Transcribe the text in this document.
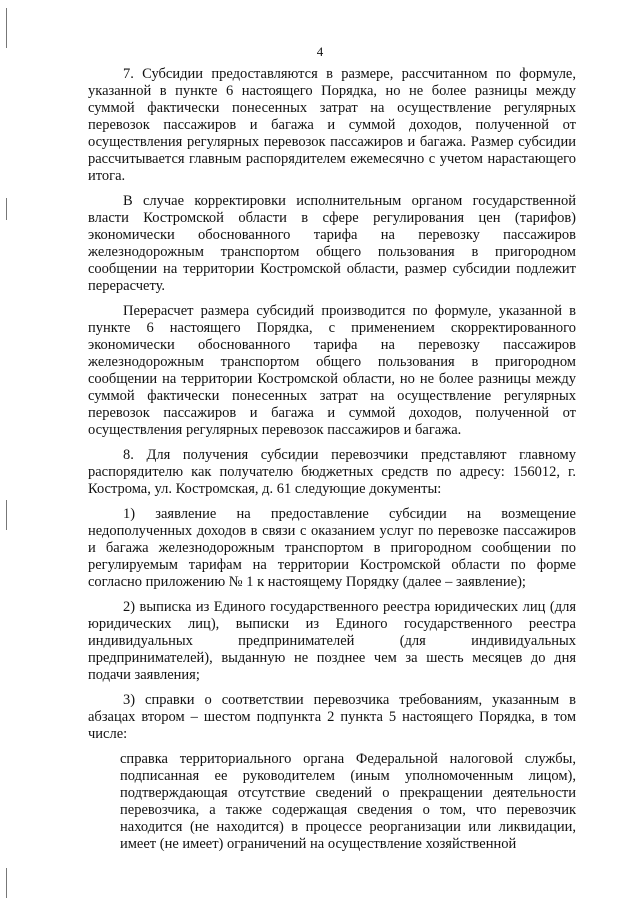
4

7. Субсидии предоставляются в размере, рассчитанном по формуле, указанной в пункте 6 настоящего Порядка, но не более разницы между суммой фактически понесенных затрат на осуществление регулярных перевозок пассажиров и багажа и суммой доходов, полученной от осуществления регулярных перевозок пассажиров и багажа. Размер субсидии рассчитывается главным распорядителем ежемесячно с учетом нарастающего итога.

В случае корректировки исполнительным органом государственной власти Костромской области в сфере регулирования цен (тарифов) экономически обоснованного тарифа на перевозку пассажиров железнодорожным транспортом общего пользования в пригородном сообщении на территории Костромской области, размер субсидии подлежит перерасчету.

Перерасчет размера субсидий производится по формуле, указанной в пункте 6 настоящего Порядка, с применением скорректированного экономически обоснованного тарифа на перевозку пассажиров железнодорожным транспортом общего пользования в пригородном сообщении на территории Костромской области, но не более разницы между суммой фактически понесенных затрат на осуществление регулярных перевозок пассажиров и багажа и суммой доходов, полученной от осуществления регулярных перевозок пассажиров и багажа.

8. Для получения субсидии перевозчики представляют главному распорядителю как получателю бюджетных средств по адресу: 156012, г. Кострома, ул. Костромская, д. 61 следующие документы:

1) заявление на предоставление субсидии на возмещение недополученных доходов в связи с оказанием услуг по перевозке пассажиров и багажа железнодорожным транспортом в пригородном сообщении по регулируемым тарифам на территории Костромской области по форме согласно приложению № 1 к настоящему Порядку (далее – заявление);

2) выписка из Единого государственного реестра юридических лиц (для юридических лиц), выписки из Единого государственного реестра индивидуальных предпринимателей (для индивидуальных предпринимателей), выданную не позднее чем за шесть месяцев до дня подачи заявления;

3) справки о соответствии перевозчика требованиям, указанным в абзацах втором – шестом подпункта 2 пункта 5 настоящего Порядка, в том числе:

справка территориального органа Федеральной налоговой службы, подписанная ее руководителем (иным уполномоченным лицом), подтверждающая отсутствие сведений о прекращении деятельности перевозчика, а также содержащая сведения о том, что перевозчик находится (не находится) в процессе реорганизации или ликвидации, имеет (не имеет) ограничений на осуществление хозяйственной
